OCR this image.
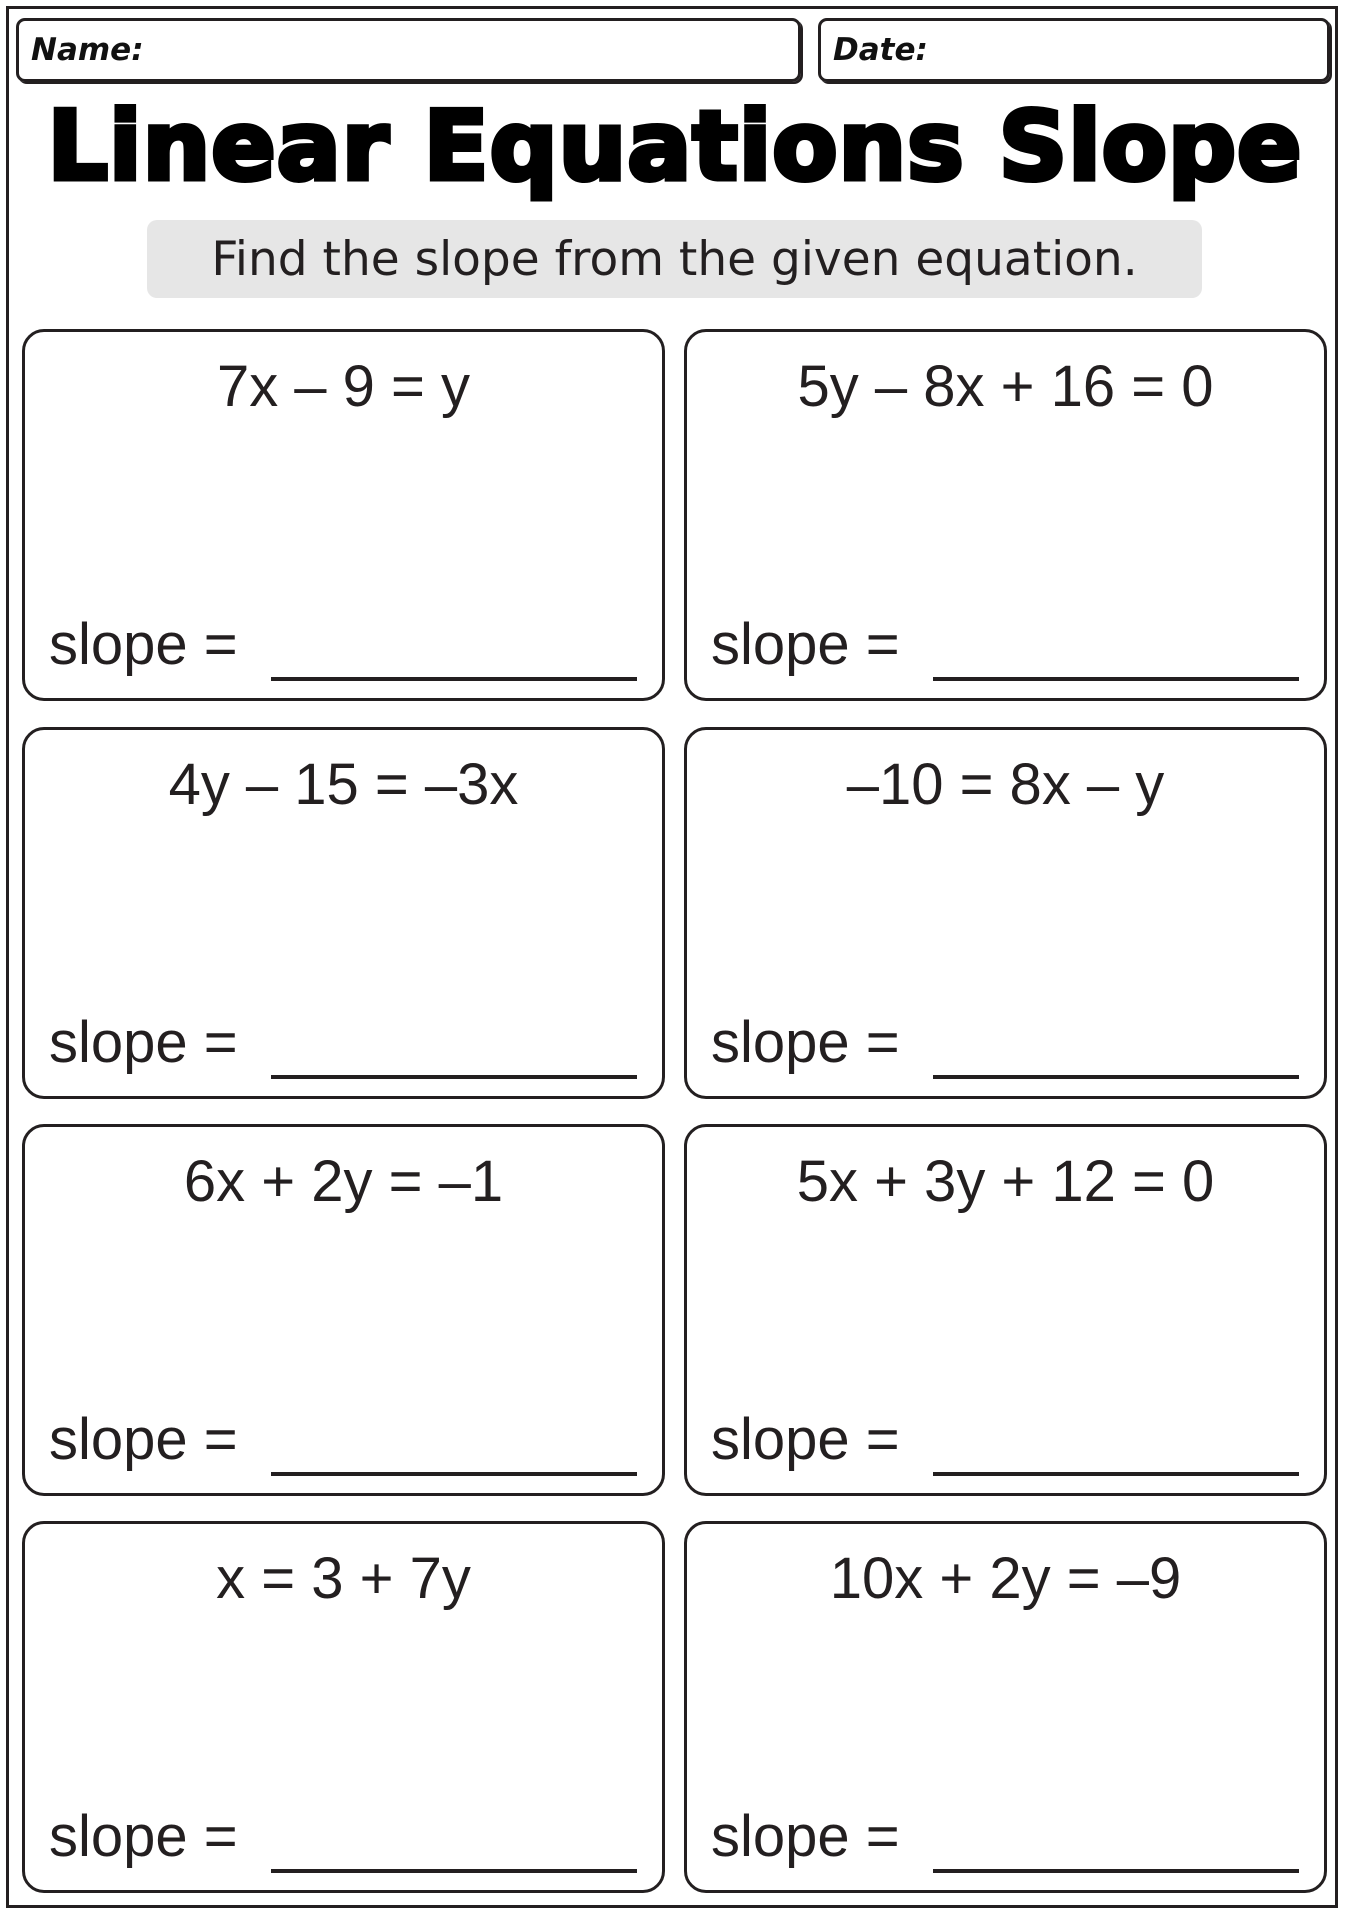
Name:	Date:
Linear Equations Slope
Find the slope from the given equation.
7x – 9 = y
slope =
5y – 8x + 16 = 0
slope =
4y – 15 = –3x
slope =
–10 = 8x – y
slope =
6x + 2y = –1
slope =
5x + 3y + 12 = 0
slope =
x = 3 + 7y
slope =
10x + 2y = –9
slope =
